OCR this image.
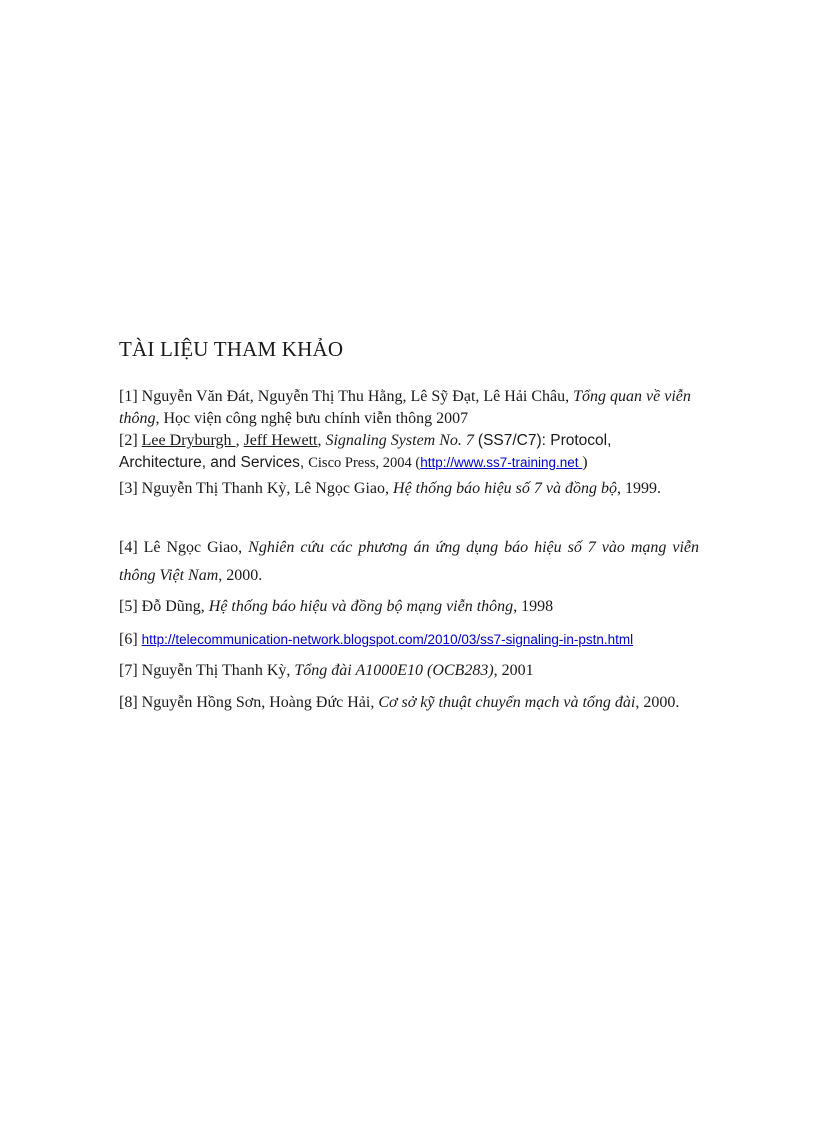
TÀI LIỆU THAM KHẢO

[1] Nguyễn Văn Đát, Nguyễn Thị Thu Hằng, Lê Sỹ Đạt, Lê Hải Châu, Tổng quan về viễn thông, Học viện công nghệ bưu chính viễn thông 2007

[2] Lee Dryburgh , Jeff Hewett, Signaling System No. 7 (SS7/C7): Protocol, Architecture, and Services, Cisco Press, 2004 (http://www.ss7-training.net )

[3] Nguyễn Thị Thanh Kỳ, Lê Ngọc Giao, Hệ thống báo hiệu số 7 và đồng bộ, 1999.

[4] Lê Ngọc Giao, Nghiên cứu các phương án ứng dụng báo hiệu số 7 vào mạng viễn thông Việt Nam, 2000.

[5] Đỗ Dũng, Hệ thống báo hiệu và đồng bộ mạng viễn thông, 1998

[6] http://telecommunication-network.blogspot.com/2010/03/ss7-signaling-in-pstn.html

[7] Nguyễn Thị Thanh Kỳ, Tổng đài A1000E10 (OCB283), 2001

[8] Nguyễn Hồng Sơn, Hoàng Đức Hải, Cơ sở kỹ thuật chuyển mạch và tổng đài, 2000.
